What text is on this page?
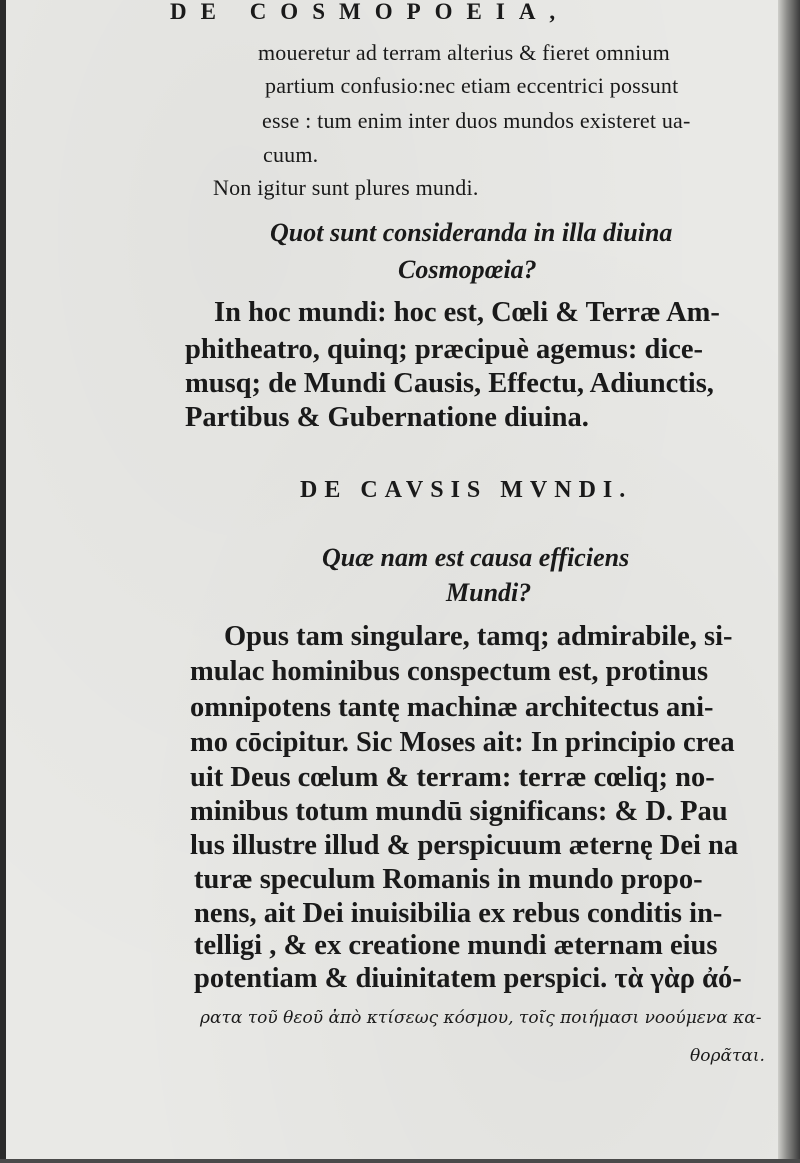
DE COSMOPOEIA,
moueretur ad terram alterius & fieret omnium
partium confusio:nec etiam eccentrici possunt
esse : tum enim inter duos mundos existeret ua-
cuum.
Non igitur sunt plures mundi.
Quot sunt consideranda in illa diuina
Cosmopœia?
In hoc mundi: hoc est, Cœli & Terræ Am-
phitheatro, quinq; præcipuè agemus: dice-
musq; de Mundi Causis, Effectu, Adiunctis,
Partibus & Gubernatione diuina.
DE CAVSIS MVNDI.
Quæ nam est causa efficiens
Mundi?
Opus tam singulare, tamq; admirabile, si-
mulac hominibus conspectum est, protinus
omnipotens tantę machinæ architectus ani-
mo cōcipitur. Sic Moses ait: In principio crea
uit Deus cœlum & terram: terræ cœliq; no-
minibus totum mundū significans: & D. Pau
lus illustre illud & perspicuum æternę Dei na
turæ speculum Romanis in mundo propo-
nens, ait Dei inuisibilia ex rebus conditis in-
telligi , & ex creatione mundi æternam eius
potentiam & diuinitatem perspici. τὰ γὰρ ἀό-
ρατα τοῦ θεοῦ ἀπὸ κτίσεως κόσμου, τοῖς ποιήμασι νοούμενα κα-
θορᾶται.
